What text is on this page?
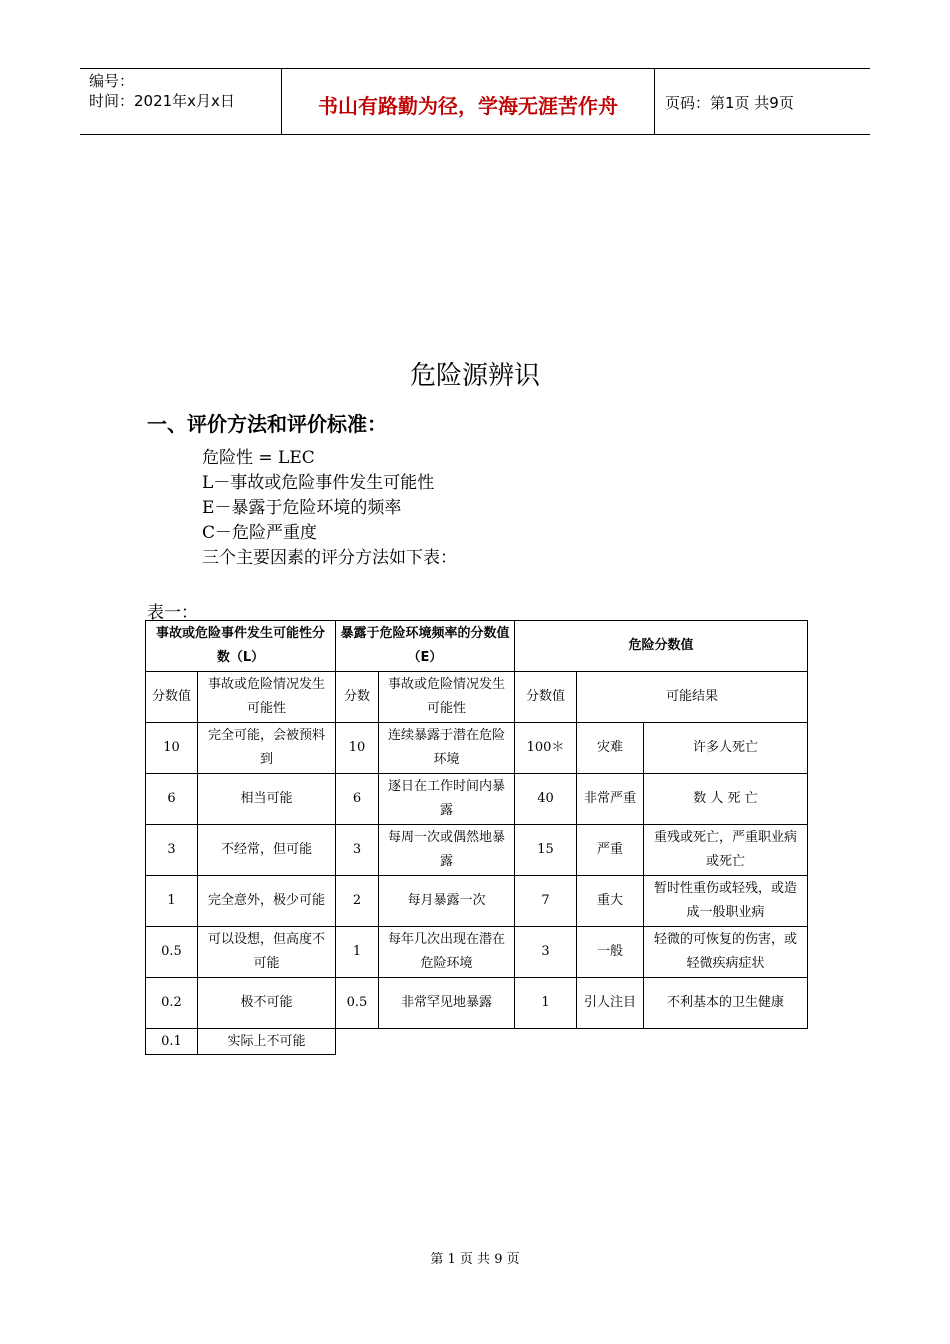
编号：
时间：2021年x月x日	书山有路勤为径，学海无涯苦作舟	页码：第1页 共9页
危险源辨识
一、评价方法和评价标准：
危险性 = LEC
L－事故或危险事件发生可能性
E－暴露于危险环境的频率
C－危险严重度
三个主要因素的评分方法如下表：
表一：
事故或危险事件发生可能性分数（L）		暴露于危险环境频率的分数值（E）		危险分数值		
分数值	事故或危险情况发生可能性	分数	事故或危险情况发生可能性	分数值	可能结果	
10	完全可能，会被预料到	10	连续暴露于潜在危险环境	100＊	灾难	许多人死亡
6	相当可能	6	逐日在工作时间内暴露	40	非常严重	数 人 死 亡
3	不经常，但可能	3	每周一次或偶然地暴露	15	严重	重残或死亡，严重职业病或死亡
1	完全意外，极少可能	2	每月暴露一次	7	重大	暂时性重伤或轻残，或造成一般职业病
0.5	可以设想，但高度不可能	1	每年几次出现在潜在危险环境	3	一般	轻微的可恢复的伤害，或轻微疾病症状
0.2	极不可能	0.5	非常罕见地暴露	1	引人注目	不利基本的卫生健康
0.1	实际上不可能					
第 1 页 共 9 页
